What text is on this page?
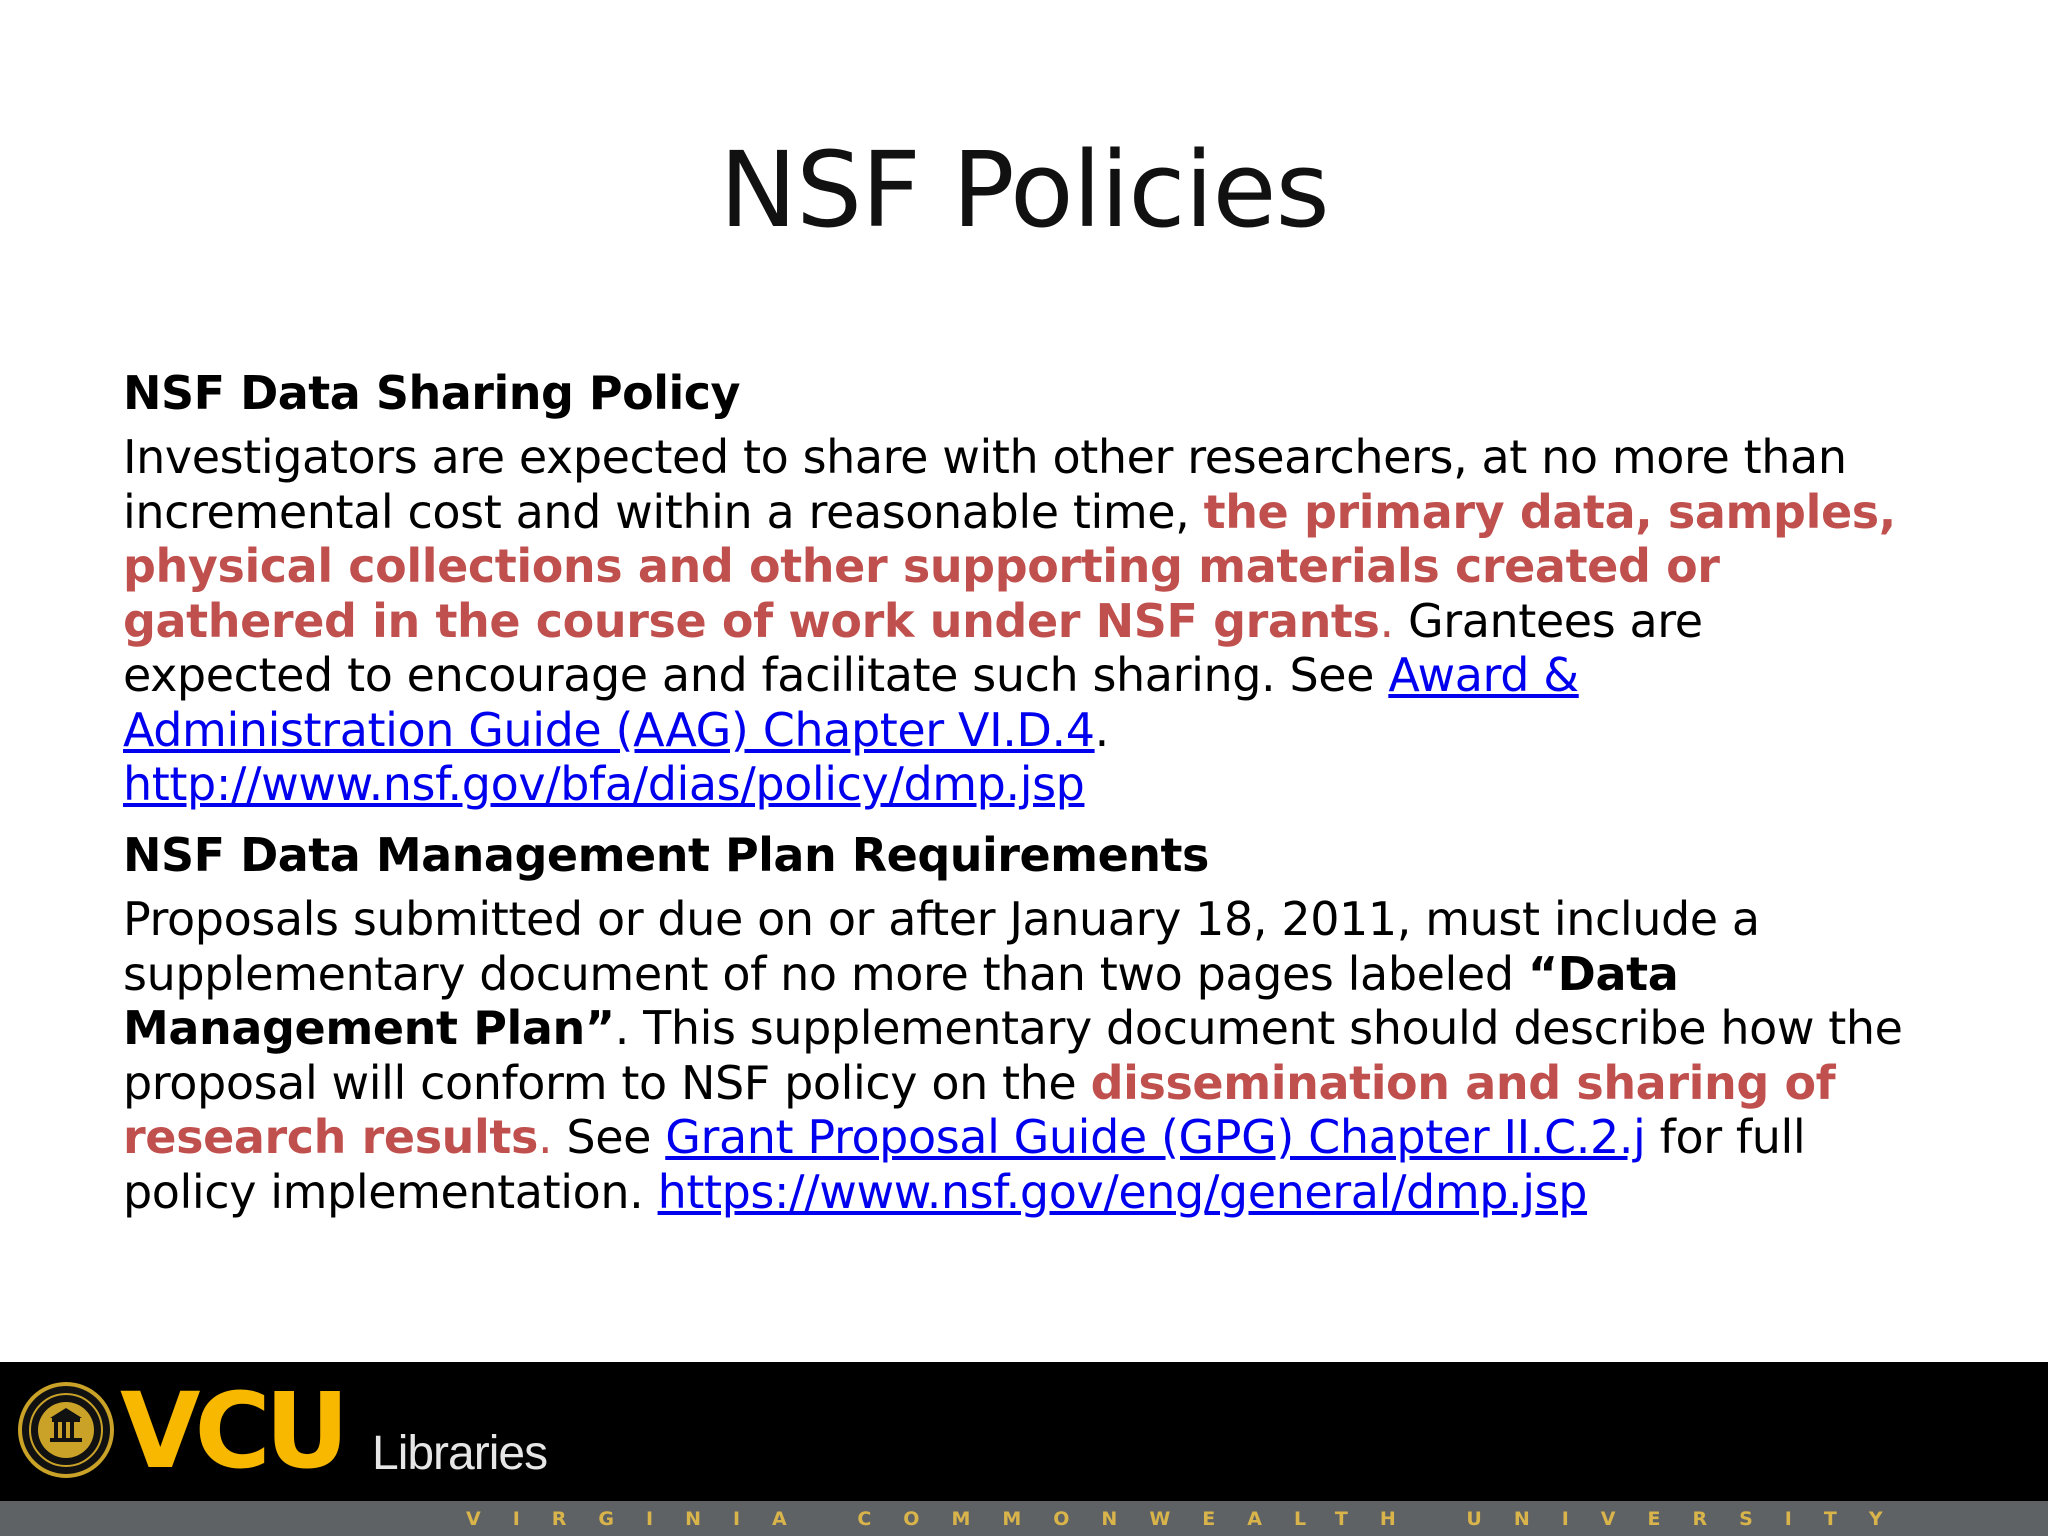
NSF Policies

NSF Data Sharing Policy

Investigators are expected to share with other researchers, at no more than incremental cost and within a reasonable time, the primary data, samples, physical collections and other supporting materials created or gathered in the course of work under NSF grants. Grantees are expected to encourage and facilitate such sharing. See Award & Administration Guide (AAG) Chapter VI.D.4. http://www.nsf.gov/bfa/dias/policy/dmp.jsp

NSF Data Management Plan Requirements

Proposals submitted or due on or after January 18, 2011, must include a supplementary document of no more than two pages labeled “Data Management Plan”. This supplementary document should describe how the proposal will conform to NSF policy on the dissemination and sharing of research results. See Grant Proposal Guide (GPG) Chapter II.C.2.j for full policy implementation. https://www.nsf.gov/eng/general/dmp.jsp

VCU Libraries
VIRGINIA COMMONWEALTH UNIVERSITY
